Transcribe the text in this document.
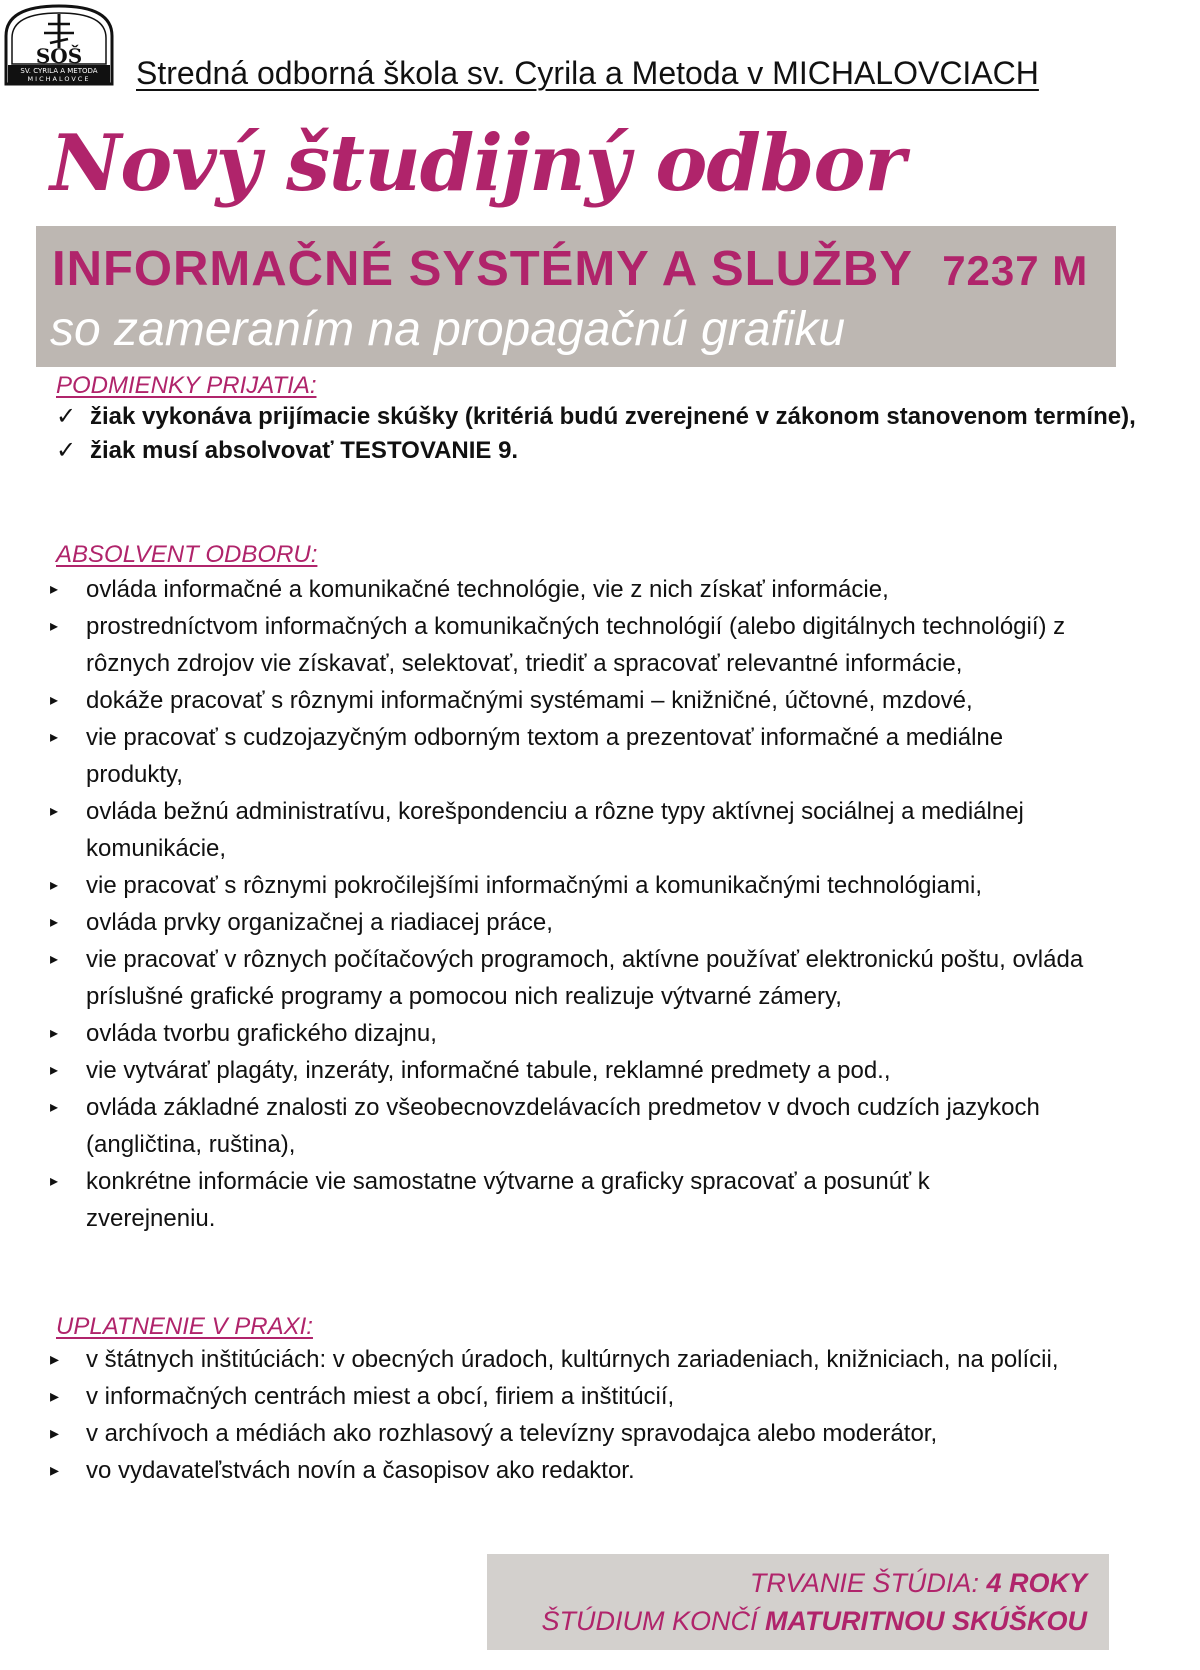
SOŠ
SV. CYRILA A METODA
MICHALOVCE Stredná odborná škola sv. Cyrila a Metoda v MICHALOVCIACH
Nový študijný odbor
INFORMAČNÉ SYSTÉMY A SLUŽBY 7237 M
so zameraním na propagačnú grafiku
PODMIENKY PRIJATIA:
✓ žiak vykonáva prijímacie skúšky (kritériá budú zverejnené v zákonom stanovenom termíne),
✓ žiak musí absolvovať TESTOVANIE 9.
ABSOLVENT ODBORU:
▸ ovláda informačné a komunikačné technológie, vie z nich získať informácie,
▸ prostredníctvom informačných a komunikačných technológií (alebo digitálnych technológií) z rôznych zdrojov vie získavať, selektovať, triediť a spracovať relevantné informácie,
▸ dokáže pracovať s rôznymi informačnými systémami – knižničné, účtovné, mzdové,
▸ vie pracovať s cudzojazyčným odborným textom a prezentovať informačné a mediálne produkty,
▸ ovláda bežnú administratívu, korešpondenciu a rôzne typy aktívnej sociálnej a mediálnej komunikácie,
▸ vie pracovať s rôznymi pokročilejšími informačnými a komunikačnými technológiami,
▸ ovláda prvky organizačnej a riadiacej práce,
▸ vie pracovať v rôznych počítačových programoch, aktívne používať elektronickú poštu, ovláda príslušné grafické programy a pomocou nich realizuje výtvarné zámery,
▸ ovláda tvorbu grafického dizajnu,
▸ vie vytvárať plagáty, inzeráty, informačné tabule, reklamné predmety a pod.,
▸ ovláda základné znalosti zo všeobecnovzdelávacích predmetov v dvoch cudzích jazykoch (angličtina, ruština),
▸ konkrétne informácie vie samostatne výtvarne a graficky spracovať a posunúť k zverejneniu.
UPLATNENIE V PRAXI:
▸ v štátnych inštitúciách: v obecných úradoch, kultúrnych zariadeniach, knižniciach, na polícii,
▸ v informačných centrách miest a obcí, firiem a inštitúcií,
▸ v archívoch a médiách ako rozhlasový a televízny spravodajca alebo moderátor,
▸ vo vydavateľstvách novín a časopisov ako redaktor.
TRVANIE ŠTÚDIA: 4 ROKY
ŠTÚDIUM KONČÍ MATURITNOU SKÚŠKOU
